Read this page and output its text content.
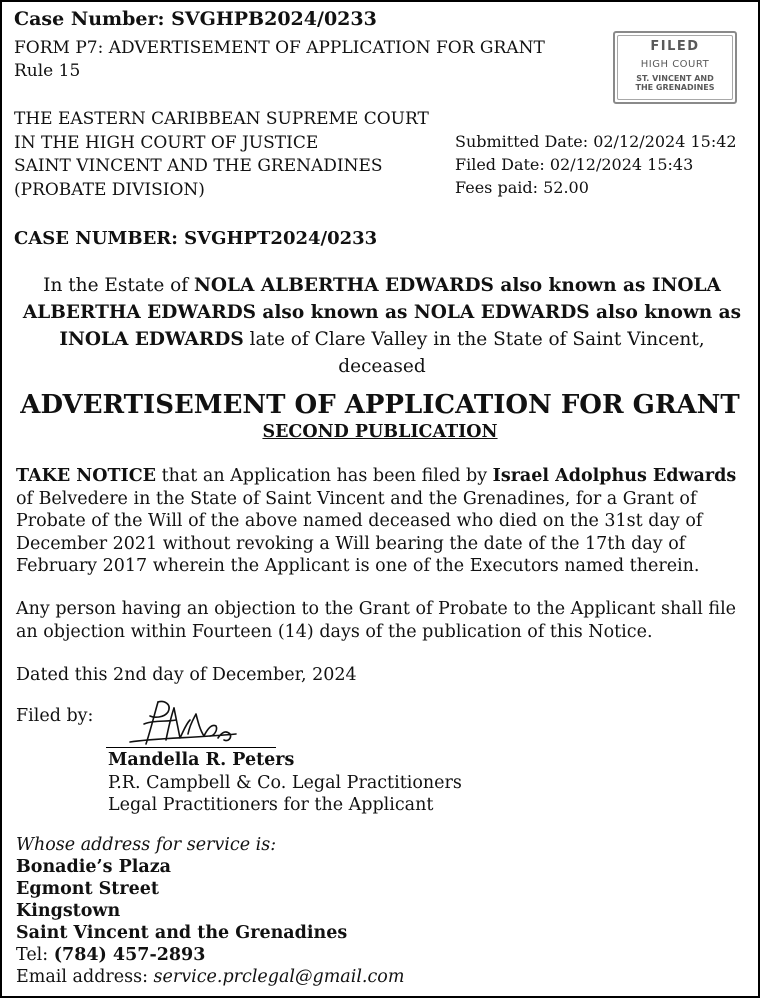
Case Number: SVGHPB2024/0233
FORM P7: ADVERTISEMENT OF APPLICATION FOR GRANT
Rule 15
FILED
HIGH COURT
ST. VINCENT AND
THE GRENADINES
THE EASTERN CARIBBEAN SUPREME COURT
IN THE HIGH COURT OF JUSTICE
SAINT VINCENT AND THE GRENADINES
(PROBATE DIVISION)
Submitted Date: 02/12/2024 15:42
Filed Date: 02/12/2024 15:43
Fees paid: 52.00
CASE NUMBER: SVGHPT2024/0233
In the Estate of NOLA ALBERTHA EDWARDS also known as INOLA ALBERTHA EDWARDS also known as NOLA EDWARDS also known as INOLA EDWARDS late of Clare Valley in the State of Saint Vincent, deceased
ADVERTISEMENT OF APPLICATION FOR GRANT
SECOND PUBLICATION
TAKE NOTICE that an Application has been filed by Israel Adolphus Edwards of Belvedere in the State of Saint Vincent and the Grenadines, for a Grant of Probate of the Will of the above named deceased who died on the 31st day of December 2021 without revoking a Will bearing the date of the 17th day of February 2017 wherein the Applicant is one of the Executors named therein.
Any person having an objection to the Grant of Probate to the Applicant shall file an objection within Fourteen (14) days of the publication of this Notice.
Dated this 2nd day of December, 2024
Filed by:
Mandella R. Peters
P.R. Campbell & Co. Legal Practitioners
Legal Practitioners for the Applicant
Whose address for service is:
Bonadie’s Plaza
Egmont Street
Kingstown
Saint Vincent and the Grenadines
Tel: (784) 457-2893
Email address: service.prclegal@gmail.com
